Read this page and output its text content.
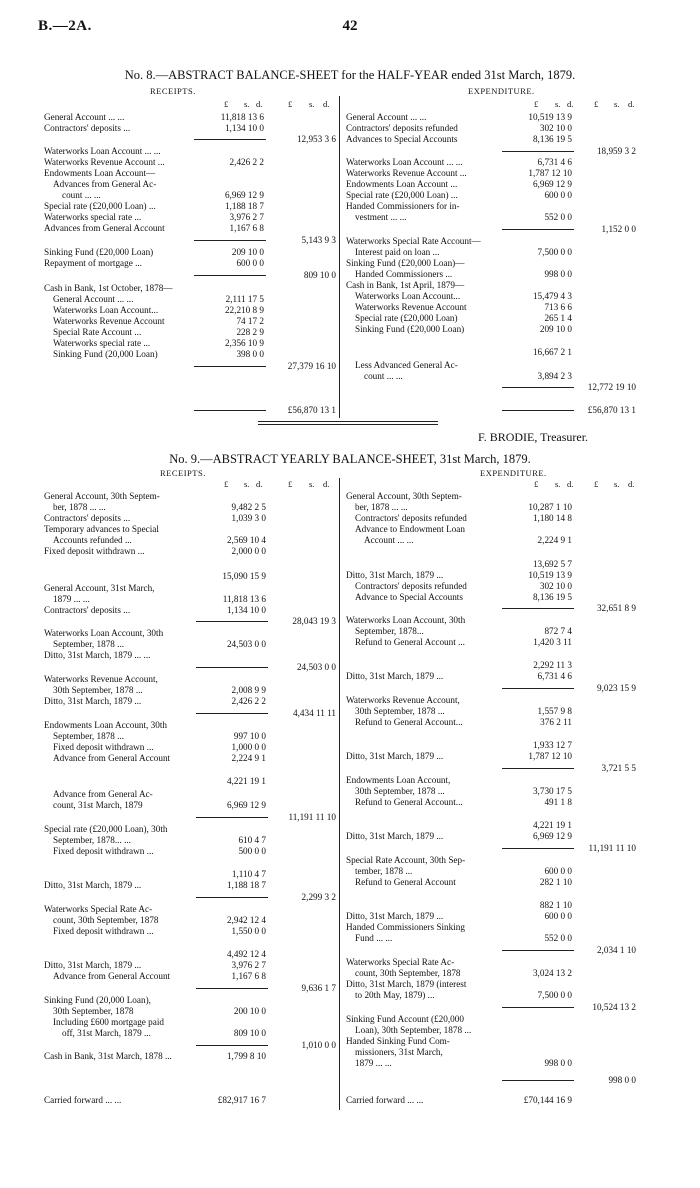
B.—2A.	42
No. 8.—ABSTRACT BALANCE-SHEET for the HALF-YEAR ended 31st March, 1879.
RECEIPTS.	EXPENDITURE.
General Account ... ...	11,818 13 6
Contractors' deposits ...	1,134 10 0
12,953 3 6
Waterworks Loan Account ... ...
Waterworks Revenue Account ...	2,426 2 2
Endowments Loan Account—
Advances from General Ac-
count ... ...	6,969 12 9
Special rate (£20,000 Loan) ...	1,188 18 7
Waterworks special rate ...	3,976 2 7
Advances from General Account	1,167 6 8
5,143 9 3
Sinking Fund (£20,000 Loan)	209 10 0
Repayment of mortgage ...	600 0 0
809 10 0
Cash in Bank, 1st October, 1878—
General Account ... ...	2,111 17 5
Waterworks Loan Account...	22,210 8 9
Waterworks Revenue Account	74 17 2
Special Rate Account ...	228 2 9
Waterworks special rate ...	2,356 10 9
Sinking Fund (20,000 Loan)	398 0 0
27,379 16 10
£56,870 13 1
General Account ... ...	10,519 13 9
Contractors' deposits refunded	302 10 0
Advances to Special Accounts	8,136 19 5
18,959 3 2
Waterworks Loan Account ... ...	6,731 4 6
Waterworks Revenue Account ...	1,787 12 10
Endowments Loan Account ...	6,969 12 9
Special rate (£20,000 Loan) ...	600 0 0
Handed Commissioners for in-
vestment ... ...	552 0 0
1,152 0 0
Waterworks Special Rate Account—
Interest paid on loan ...	7,500 0 0
Sinking Fund (£20,000 Loan)—
Handed Commissioners ...	998 0 0
Cash in Bank, 1st April, 1879—
Waterworks Loan Account...	15,479 4 3
Waterworks Revenue Account	713 6 6
Special rate (£20,000 Loan)	265 1 4
Sinking Fund (£20,000 Loan)	209 10 0
16,667 2 1
Less Advanced General Ac-
count ... ...	3,894 2 3
12,772 19 10
£56,870 13 1
F. BRODIE, Treasurer.
No. 9.—ABSTRACT YEARLY BALANCE-SHEET, 31st March, 1879.
RECEIPTS.	EXPENDITURE.
General Account, 30th Septem-
ber, 1878 ... ...	9,482 2 5
Contractors' deposits ...	1,039 3 0
Temporary advances to Special
Accounts refunded ...	2,569 10 4
Fixed deposit withdrawn ...	2,000 0 0
15,090 15 9
General Account, 31st March,
1879 ... ...	11,818 13 6
Contractors' deposits ...	1,134 10 0
28,043 19 3
Waterworks Loan Account, 30th
September, 1878 ...	24,503 0 0
Ditto, 31st March, 1879 ... ...
24,503 0 0
Waterworks Revenue Account,
30th September, 1878 ...	2,008 9 9
Ditto, 31st March, 1879 ...	2,426 2 2
4,434 11 11
Endowments Loan Account, 30th
September, 1878 ...	997 10 0
Fixed deposit withdrawn ...	1,000 0 0
Advance from General Account	2,224 9 1
4,221 19 1
Advance from General Ac-
count, 31st March, 1879	6,969 12 9
11,191 11 10
Special rate (£20,000 Loan), 30th
September, 1878... ...	610 4 7
Fixed deposit withdrawn ...	500 0 0
1,110 4 7
Ditto, 31st March, 1879 ...	1,188 18 7
2,299 3 2
Waterworks Special Rate Ac-
count, 30th September, 1878	2,942 12 4
Fixed deposit withdrawn ...	1,550 0 0
4,492 12 4
Ditto, 31st March, 1879 ...	3,976 2 7
Advance from General Account	1,167 6 8
9,636 1 7
Sinking Fund (20,000 Loan),
30th September, 1878	200 10 0
Including £600 mortgage paid
off, 31st March, 1879 ...	809 10 0
1,010 0 0
Cash in Bank, 31st March, 1878 ...	1,799 8 10
Carried forward ... ...	£82,917 16 7
General Account, 30th Septem-
ber, 1878 ... ...	10,287 1 10
Contractors' deposits refunded	1,180 14 8
Advance to Endowment Loan
Account ... ...	2,224 9 1
13,692 5 7
Ditto, 31st March, 1879 ...	10,519 13 9
Contractors' deposits refunded	302 10 0
Advance to Special Accounts	8,136 19 5
32,651 8 9
Waterworks Loan Account, 30th
September, 1878...	872 7 4
Refund to General Account ...	1,420 3 11
2,292 11 3
Ditto, 31st March, 1879 ...	6,731 4 6
9,023 15 9
Waterworks Revenue Account,
30th September, 1878 ...	1,557 9 8
Refund to General Account...	376 2 11
1,933 12 7
Ditto, 31st March, 1879 ...	1,787 12 10
3,721 5 5
Endowments Loan Account,
30th September, 1878 ...	3,730 17 5
Refund to General Account...	491 1 8
4,221 19 1
Ditto, 31st March, 1879 ...	6,969 12 9
11,191 11 10
Special Rate Account, 30th Sep-
tember, 1878 ...	600 0 0
Refund to General Account	282 1 10
882 1 10
Ditto, 31st March, 1879 ...	600 0 0
Handed Commissioners Sinking
Fund ... ...	552 0 0
2,034 1 10
Waterworks Special Rate Ac-
count, 30th September, 1878	3,024 13 2
Ditto, 31st March, 1879 (interest
to 20th May, 1879) ...	7,500 0 0
10,524 13 2
Sinking Fund Account (£20,000
Loan), 30th September, 1878 ...
Handed Sinking Fund Com-
missioners, 31st March,
1879 ... ...	998 0 0
998 0 0
Carried forward ... ...	£70,144 16 9
£ s. d.	£ s. d.	£ s. d. £ s. d.
£ s. d.	£ s. d.	£ s. d. £ s. d.
